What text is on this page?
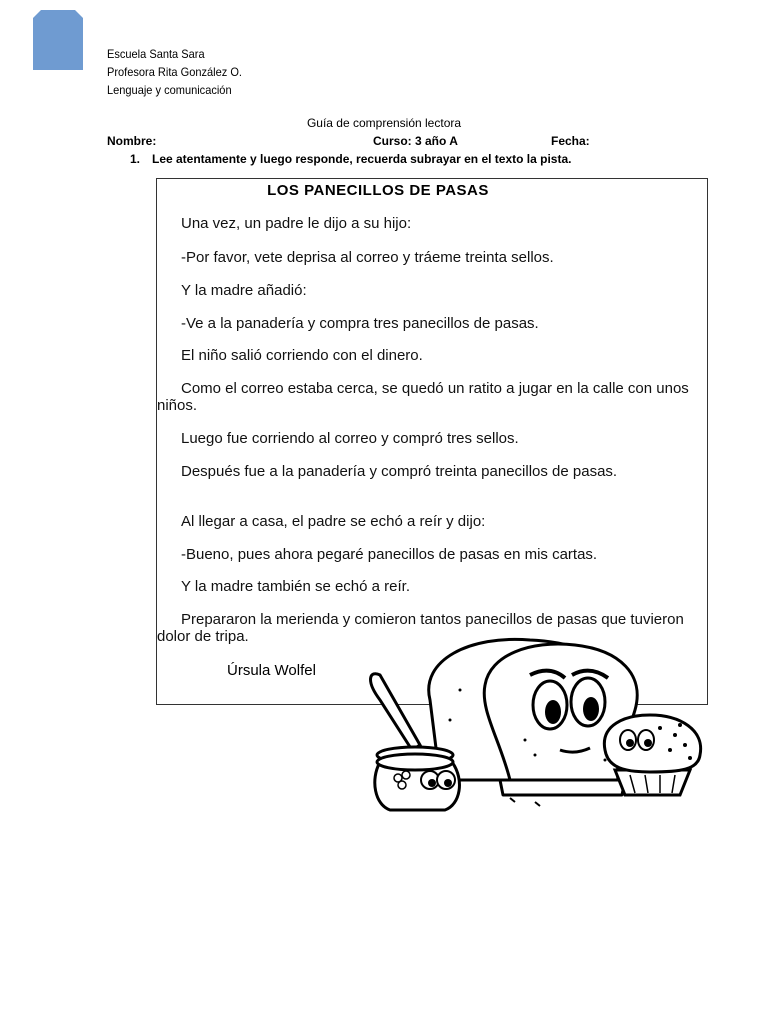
Escuela Santa Sara
Profesora Rita González O.
Lenguaje y comunicación
Guía de comprensión lectora
Nombre:	Curso: 3 año A	Fecha:
1. Lee atentamente y luego responde, recuerda subrayar en el texto la pista.
LOS PANECILLOS DE PASAS
Una vez, un padre le dijo a su hijo:
-Por favor, vete deprisa al correo y tráeme treinta sellos.
Y la madre añadió:
-Ve a la panadería y compra tres panecillos de pasas.
El niño salió corriendo con el dinero.
Como el correo estaba cerca, se quedó un ratito a jugar en la calle con unos niños.
Luego fue corriendo al correo y compró tres sellos.
Después fue a la panadería y compró treinta panecillos de pasas.
Al llegar a casa, el padre se echó a reír y dijo:
-Bueno, pues ahora pegaré panecillos de pasas en mis cartas.
Y la madre también se echó a reír.
Prepararon la merienda y comieron tantos panecillos de pasas que tuvieron dolor de tripa.
Úrsula Wolfel
